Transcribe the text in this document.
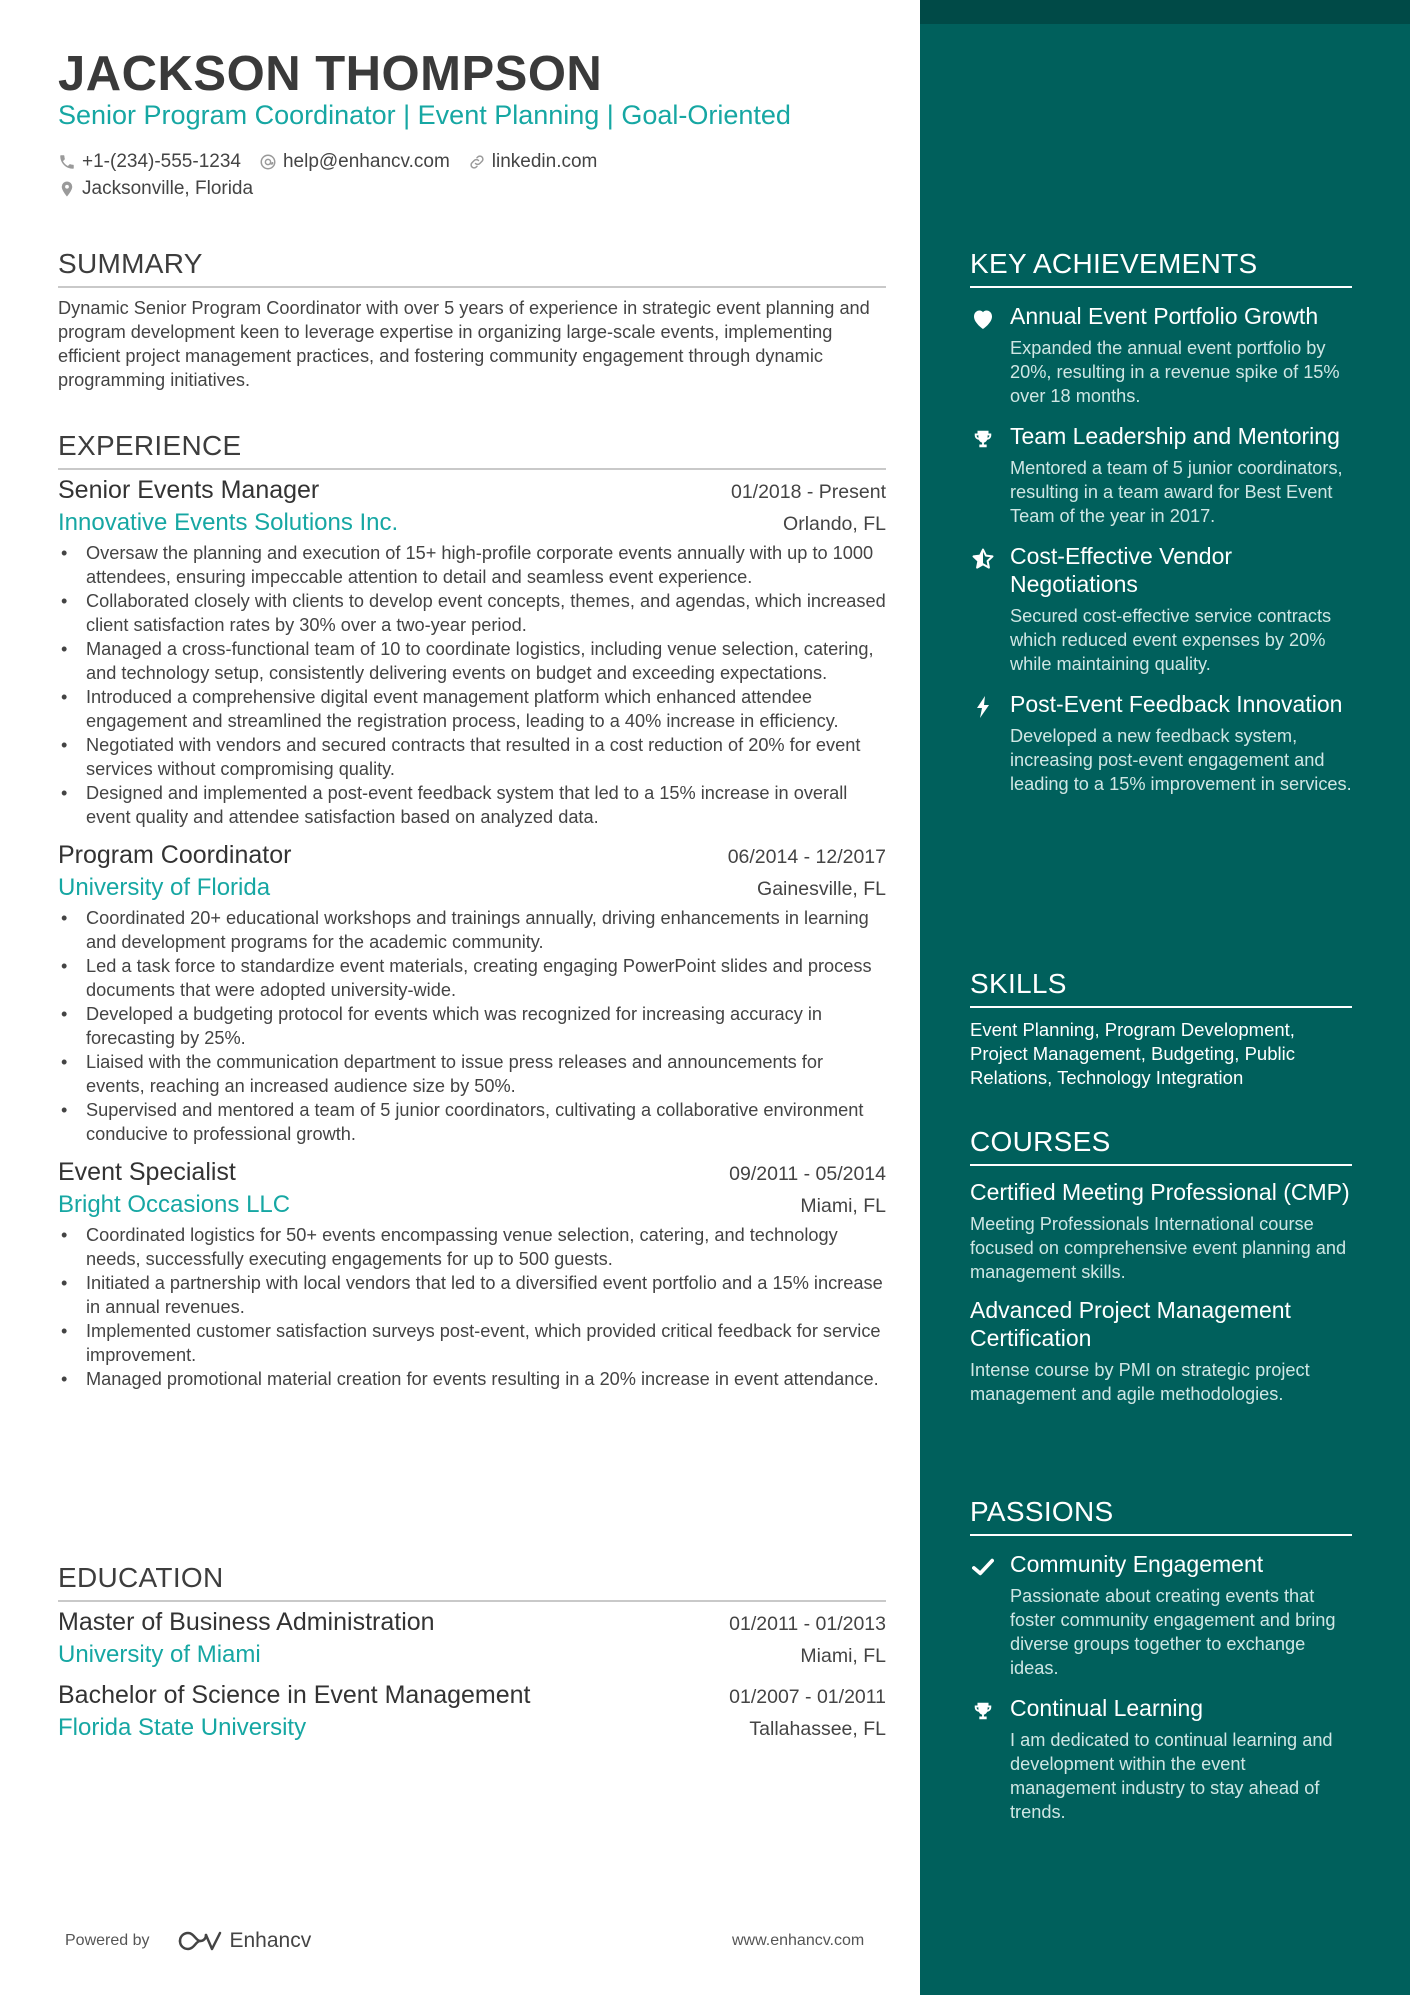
JACKSON THOMPSON
Senior Program Coordinator | Event Planning | Goal-Oriented
+1-(234)-555-1234 help@enhancv.com linkedin.com
Jacksonville, Florida
SUMMARY
Dynamic Senior Program Coordinator with over 5 years of experience in strategic event planning and program development keen to leverage expertise in organizing large-scale events, implementing efficient project management practices, and fostering community engagement through dynamic programming initiatives.
EXPERIENCE
Senior Events Manager	01/2018 - Present
Innovative Events Solutions Inc.	Orlando, FL
• Oversaw the planning and execution of 15+ high-profile corporate events annually with up to 1000 attendees, ensuring impeccable attention to detail and seamless event experience.
• Collaborated closely with clients to develop event concepts, themes, and agendas, which increased client satisfaction rates by 30% over a two-year period.
• Managed a cross-functional team of 10 to coordinate logistics, including venue selection, catering, and technology setup, consistently delivering events on budget and exceeding expectations.
• Introduced a comprehensive digital event management platform which enhanced attendee engagement and streamlined the registration process, leading to a 40% increase in efficiency.
• Negotiated with vendors and secured contracts that resulted in a cost reduction of 20% for event services without compromising quality.
• Designed and implemented a post-event feedback system that led to a 15% increase in overall event quality and attendee satisfaction based on analyzed data.
Program Coordinator	06/2014 - 12/2017
University of Florida	Gainesville, FL
• Coordinated 20+ educational workshops and trainings annually, driving enhancements in learning and development programs for the academic community.
• Led a task force to standardize event materials, creating engaging PowerPoint slides and process documents that were adopted university-wide.
• Developed a budgeting protocol for events which was recognized for increasing accuracy in forecasting by 25%.
• Liaised with the communication department to issue press releases and announcements for events, reaching an increased audience size by 50%.
• Supervised and mentored a team of 5 junior coordinators, cultivating a collaborative environment conducive to professional growth.
Event Specialist	09/2011 - 05/2014
Bright Occasions LLC	Miami, FL
• Coordinated logistics for 50+ events encompassing venue selection, catering, and technology needs, successfully executing engagements for up to 500 guests.
• Initiated a partnership with local vendors that led to a diversified event portfolio and a 15% increase in annual revenues.
• Implemented customer satisfaction surveys post-event, which provided critical feedback for service improvement.
• Managed promotional material creation for events resulting in a 20% increase in event attendance.
EDUCATION
Master of Business Administration	01/2011 - 01/2013
University of Miami	Miami, FL
Bachelor of Science in Event Management	01/2007 - 01/2011
Florida State University	Tallahassee, FL
Powered by	Enhancv	www.enhancv.com
KEY ACHIEVEMENTS
Annual Event Portfolio Growth
Expanded the annual event portfolio by 20%, resulting in a revenue spike of 15% over 18 months.
Team Leadership and Mentoring
Mentored a team of 5 junior coordinators, resulting in a team award for Best Event Team of the year in 2017.
Cost-Effective Vendor Negotiations
Secured cost-effective service contracts which reduced event expenses by 20% while maintaining quality.
Post-Event Feedback Innovation
Developed a new feedback system, increasing post-event engagement and leading to a 15% improvement in services.
SKILLS
Event Planning, Program Development, Project Management, Budgeting, Public Relations, Technology Integration
COURSES
Certified Meeting Professional (CMP)
Meeting Professionals International course focused on comprehensive event planning and management skills.
Advanced Project Management Certification
Intense course by PMI on strategic project management and agile methodologies.
PASSIONS
Community Engagement
Passionate about creating events that foster community engagement and bring diverse groups together to exchange ideas.
Continual Learning
I am dedicated to continual learning and development within the event management industry to stay ahead of trends.
